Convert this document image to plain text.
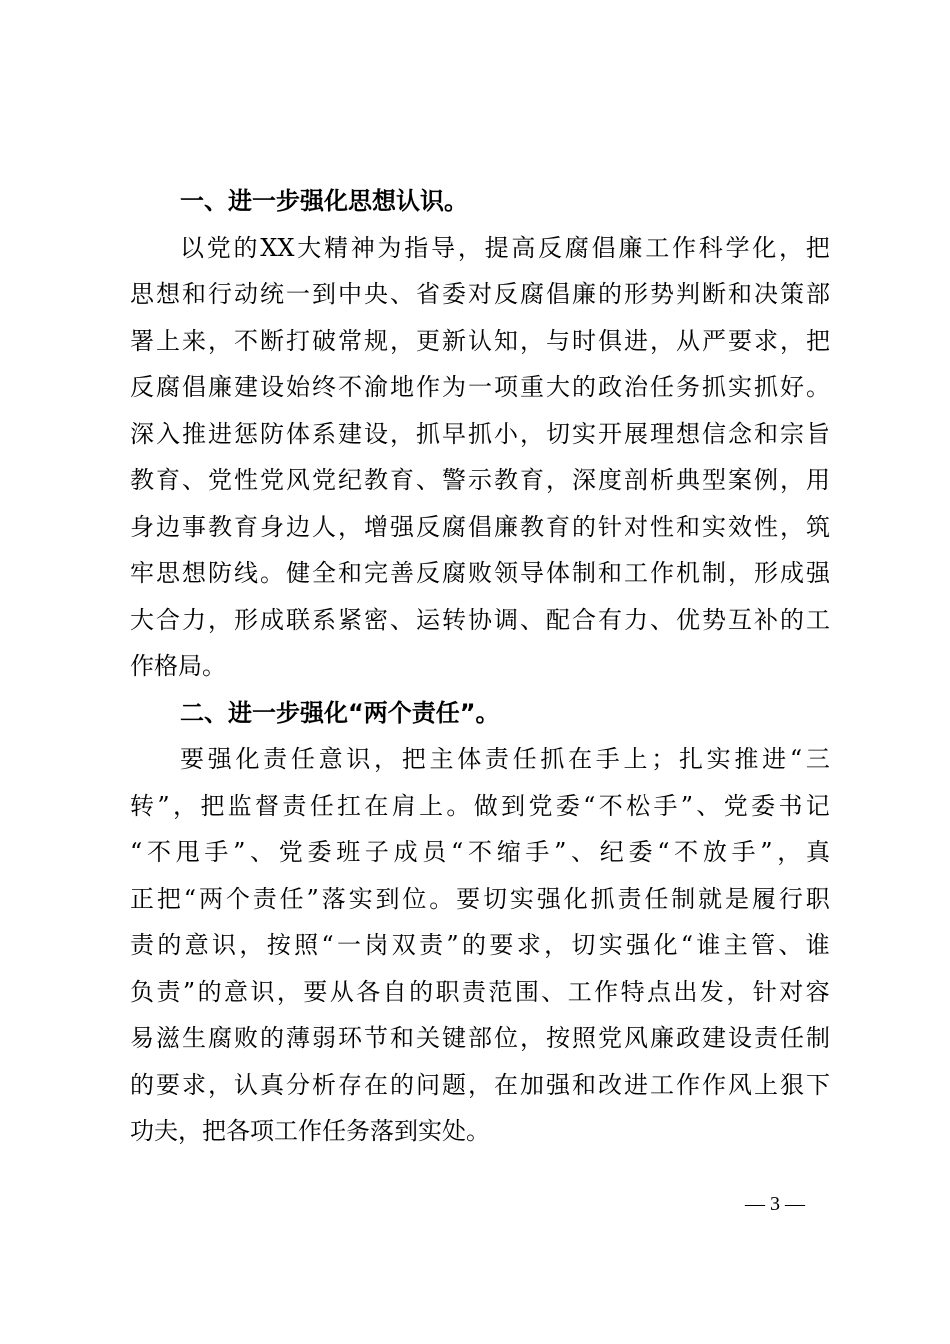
一、进一步强化思想认识。
以 党 的 XX 大 精 神 为 指 导 ， 提 高 反 腐 倡 廉 工 作 科 学 化 ， 把
思 想 和 行 动 统 一 到 中 央 、 省 委 对 反 腐 倡 廉 的 形 势 判 断 和 决 策 部
署 上 来 ， 不 断 打 破 常 规 ， 更 新 认 知 ， 与 时 俱 进 ， 从 严 要 求 ， 把
反 腐 倡 廉 建 设 始 终 不 渝 地 作 为 一 项 重 大 的 政 治 任 务 抓 实 抓 好 。
深 入 推 进 惩 防 体 系 建 设 ， 抓 早 抓 小 ， 切 实 开 展 理 想 信 念 和 宗 旨
教 育 、 党 性 党 风 党 纪 教 育 、 警 示 教 育 ， 深 度 剖 析 典 型 案 例 ， 用
身 边 事 教 育 身 边 人 ， 增 强 反 腐 倡 廉 教 育 的 针 对 性 和 实 效 性 ， 筑
牢 思 想 防 线 。 健 全 和 完 善 反 腐 败 领 导 体 制 和 工 作 机 制 ， 形 成 强
大 合 力 ， 形 成 联 系 紧 密 、 运 转 协 调 、 配 合 有 力 、 优 势 互 补 的 工
作 格 局 。
二、进一步强化“两个责任”。
要 强 化 责 任 意 识 ， 把 主 体 责 任 抓 在 手 上 ； 扎 实 推 进 “ 三
转 ” ， 把 监 督 责 任 扛 在 肩 上 。 做 到 党 委 “ 不 松 手 ” 、 党 委 书 记
“ 不 甩 手 ” 、 党 委 班 子 成 员 “ 不 缩 手 ” 、 纪 委 “ 不 放 手 ” ， 真
正 把 “ 两 个 责 任 ” 落 实 到 位 。 要 切 实 强 化 抓 责 任 制 就 是 履 行 职
责 的 意 识 ， 按 照 “ 一 岗 双 责 ” 的 要 求 ， 切 实 强 化 “ 谁 主 管 、 谁
负 责 ” 的 意 识 ， 要 从 各 自 的 职 责 范 围 、 工 作 特 点 出 发 ， 针 对 容
易 滋 生 腐 败 的 薄 弱 环 节 和 关 键 部 位 ， 按 照 党 风 廉 政 建 设 责 任 制
的 要 求 ， 认 真 分 析 存 在 的 问 题 ， 在 加 强 和 改 进 工 作 作 风 上 狠 下
功 夫 ， 把 各 项 工 作 任 务 落 到 实 处 。
— 3 —
